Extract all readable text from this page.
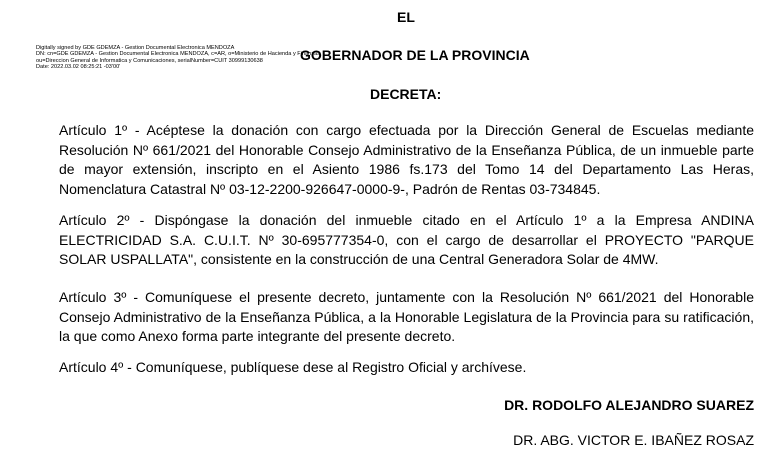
EL
Digitally signed by GDE GDEMZA - Gestion Documental Electronica MENDOZA
DN: cn=GDE GDEMZA - Gestion Documental Electronica MENDOZA, c=AR, o=Ministerio de Hacienda y Finanzas,
ou=Direccion General de Informatica y Comunicaciones, serialNumber=CUIT 30999130638
Date: 2022.03.02 08:25:21 -03'00'
GOBERNADOR DE LA PROVINCIA
DECRETA:
Artículo 1º - Acéptese la donación con cargo efectuada por la Dirección General de Escuelas mediante Resolución Nº 661/2021 del Honorable Consejo Administrativo de la Enseñanza Pública, de un inmueble parte de mayor extensión, inscripto en el Asiento 1986 fs.173 del Tomo 14 del Departamento Las Heras, Nomenclatura Catastral Nº 03-12-2200-926647-0000-9-, Padrón de Rentas 03-734845.
Artículo 2º - Dispóngase la donación del inmueble citado en el Artículo 1º a la Empresa ANDINA ELECTRICIDAD S.A. C.U.I.T. Nº 30-695777354-0, con el cargo de desarrollar el PROYECTO "PARQUE SOLAR USPALLATA", consistente en la construcción de una Central Generadora Solar de 4MW.
Artículo 3º - Comuníquese el presente decreto, juntamente con la Resolución Nº 661/2021 del Honorable Consejo Administrativo de la Enseñanza Pública, a la Honorable Legislatura de la Provincia para su ratificación, la que como Anexo forma parte integrante del presente decreto.
Artículo 4º - Comuníquese, publíquese dese al Registro Oficial y archívese.
DR. RODOLFO ALEJANDRO SUAREZ
DR. ABG. VICTOR E. IBAÑEZ ROSAZ
